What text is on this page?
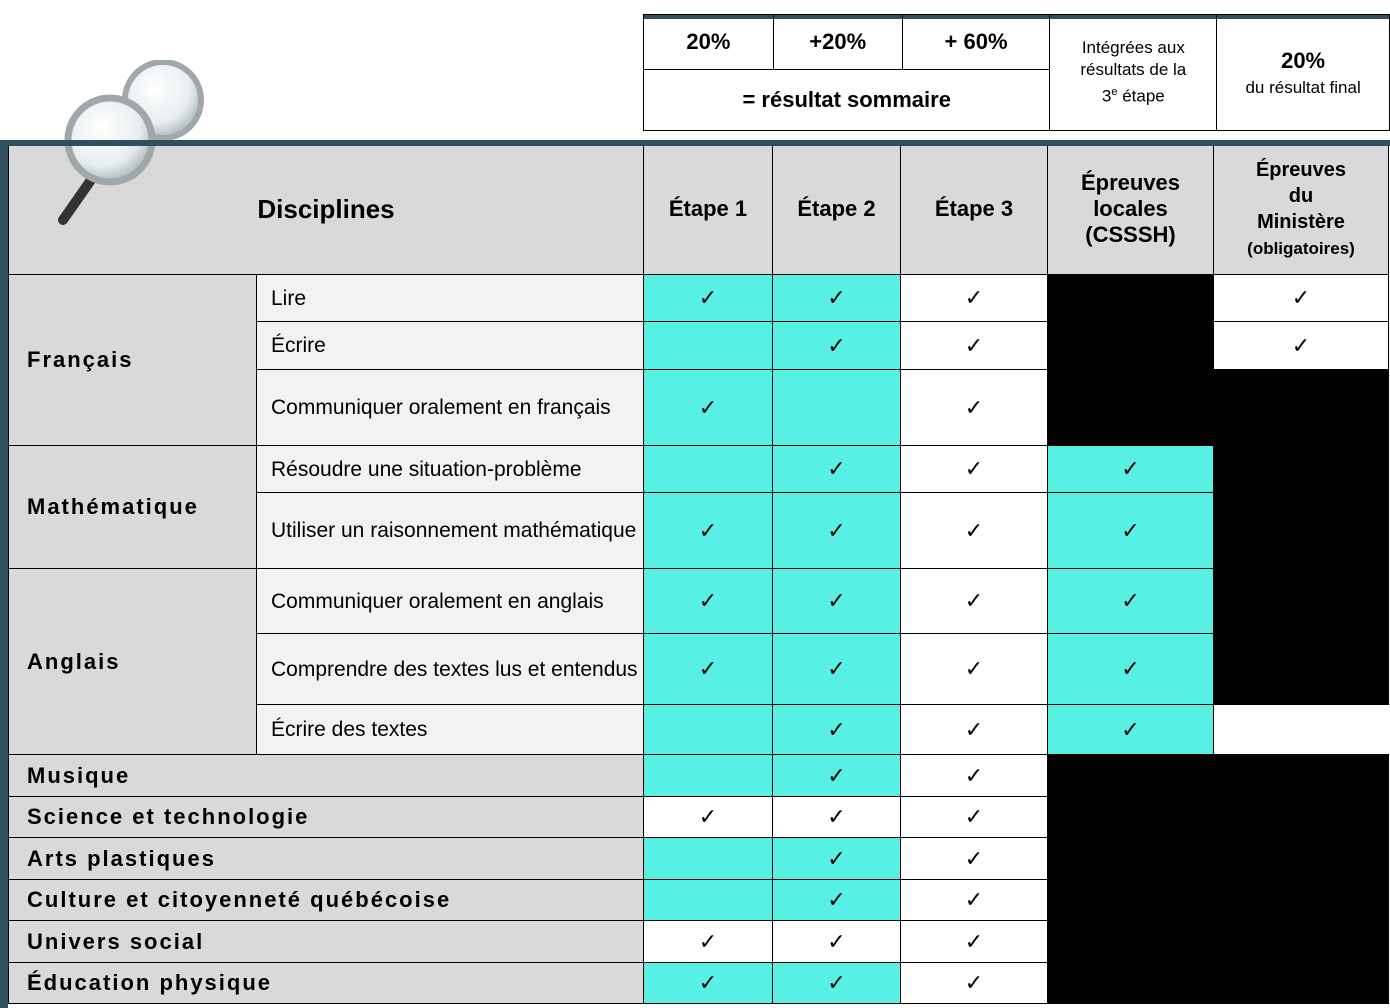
20%	+20%	+ 60%	Intégrées aux
résultats de la
3e étape	
20%
du résultat final
= résultat sommaire
Disciplines		Étape 1	Étape 2	Étape 3	Épreuves
locales
(CSSSH)	Épreuves
du
Ministère
(obligatoires)
Français	Lire	✓	✓	✓		✓
	Écrire		✓	✓		✓
	Communiquer oralement en français	✓		✓		
Mathématique	Résoudre une situation-problème		✓	✓	✓	
	Utiliser un raisonnement mathématique	✓	✓	✓	✓	
Anglais	Communiquer oralement en anglais	✓	✓	✓	✓	
	Comprendre des textes lus et entendus	✓	✓	✓	✓	
	Écrire des textes		✓	✓	✓	
Musique			✓	✓		
Science et technologie		✓	✓	✓		
Arts plastiques			✓	✓		
Culture et citoyenneté québécoise			✓	✓		
Univers social		✓	✓	✓		
Éducation physique		✓	✓	✓		
